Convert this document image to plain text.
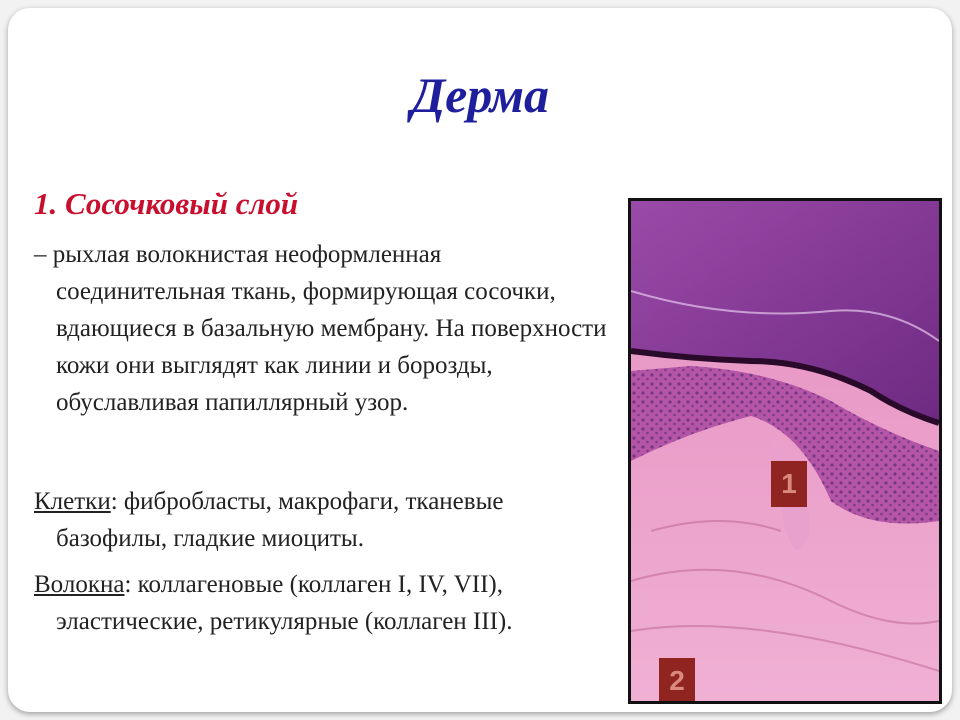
Дерма
1. Сосочковый слой
– рыхлая волокнистая неоформленная соединительная ткань, формирующая сосочки, вдающиеся в базальную мембрану. На поверхности кожи они выглядят как линии и борозды, обуславливая папиллярный узор.
Клетки: фибробласты, макрофаги, тканевые базофилы, гладкие миоциты.
Волокна: коллагеновые (коллаген I, IV, VII), эластические, ретикулярные (коллаген III).
1
2
